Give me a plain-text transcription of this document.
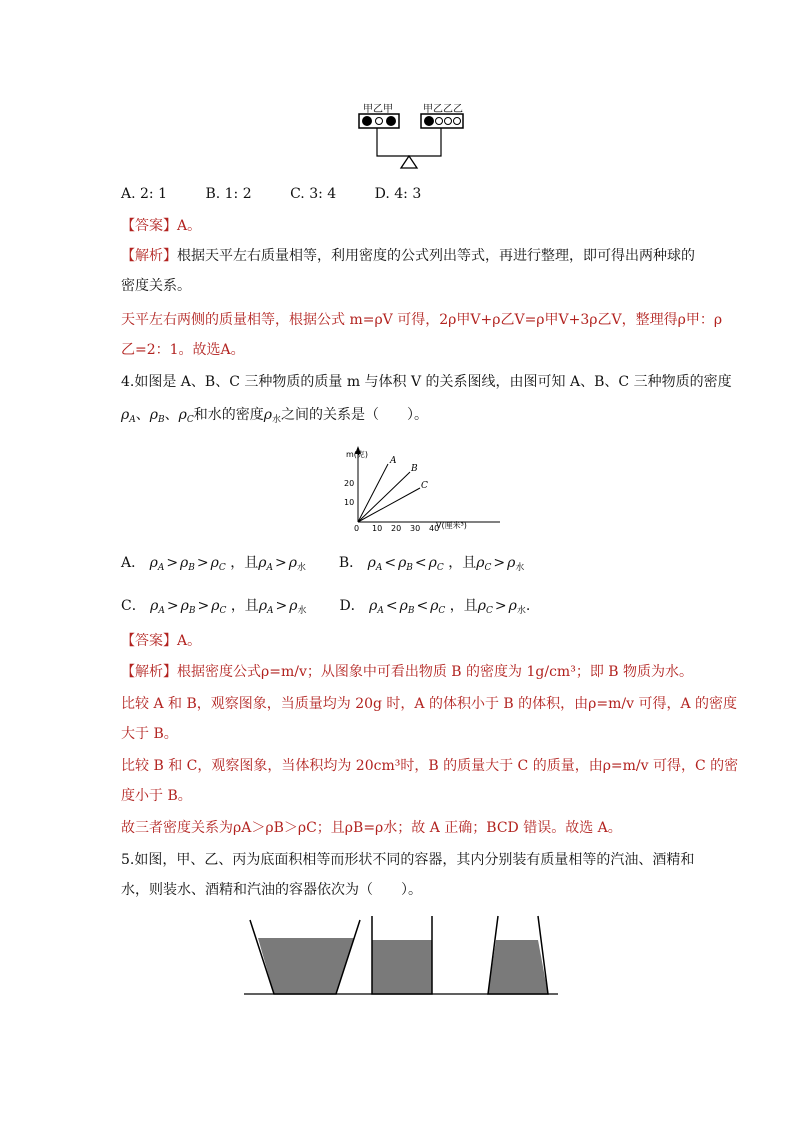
甲乙甲	甲乙乙乙
A. 2: 1	B. 1: 2	C. 3: 4	D. 4: 3
【答案】A。
【解析】根据天平左右质量相等，利用密度的公式列出等式，再进行整理，即可得出两种球的
密度关系。
天平左右两侧的质量相等，根据公式 m=ρV 可得，2ρ甲V+ρ乙V=ρ甲V+3ρ乙V，整理得ρ甲：ρ
乙=2：1。故选A。
4.如图是 A、B、C 三种物质的质量 m 与体积 V 的关系图线，由图可知 A、B、C 三种物质的密度
$\rho_A$、$\rho_B$、$\rho_C$和水的密度$\rho_水$之间的关系是（　　）。
m(克)
20
10
0 10 20 30 40
V(厘米³)
A
B
C
A． $\rho_A > \rho_B > \rho_C$ ，且$\rho_A > \rho_水$ B． $\rho_A < \rho_B < \rho_C$ ，且$\rho_C > \rho_水$
C． $\rho_A > \rho_B > \rho_C$ ，且$\rho_A > \rho_水$ D． $\rho_A < \rho_B < \rho_C$ ，且$\rho_C > \rho_水$.
【答案】A。
【解析】根据密度公式ρ=m/v；从图象中可看出物质 B 的密度为 1g/cm³；即 B 物质为水。
比较 A 和 B，观察图象，当质量均为 20g 时，A 的体积小于 B 的体积，由ρ=m/v 可得，A 的密度
大于 B。
比较 B 和 C，观察图象，当体积均为 20cm³时，B 的质量大于 C 的质量，由ρ=m/v 可得，C 的密
度小于 B。
故三者密度关系为ρA＞ρB＞ρC；且ρB=ρ水；故 A 正确；BCD 错误。故选 A。
5.如图，甲、乙、丙为底面积相等而形状不同的容器，其内分别装有质量相等的汽油、酒精和
水，则装水、酒精和汽油的容器依次为（　　）。
